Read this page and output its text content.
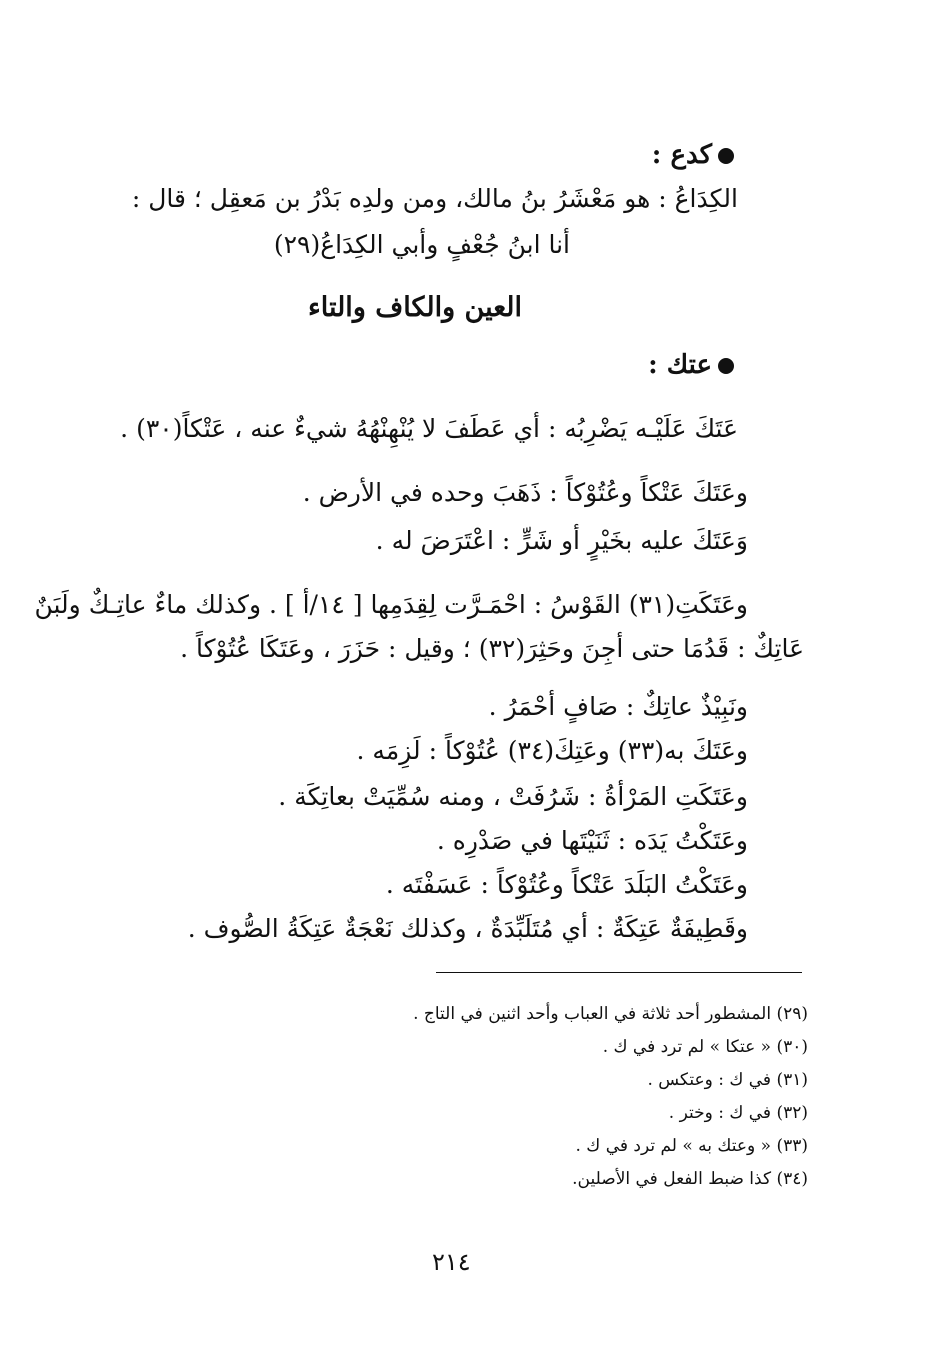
كدع :
الكِدَاعُ : هو مَعْشَرُ بنُ مالك، ومن ولدِه بَدْرُ بن مَعقِل ؛ قال :
أنا ابنُ جُعْفٍ وأبي الكِدَاعُ(٢٩)
العين والكاف والتاء
عتك :
عَتَكَ عَلَيْـه يَضْرِبُه : أي عَطَفَ لا يُنْهِنْهُهُ شيءٌ عنه ، عَتْكاً(٣٠) .
وعَتَكَ عَتْكاً وعُتُوْكاً : ذَهَبَ وحده في الأرض .
وَعَتَكَ عليه بخَيْرٍ أو شَرٍّ : اعْتَرَضَ له .
وعَتَكَتِ(٣١) القَوْسُ : احْمَـرَّت لِقِدَمِها [ ١٤/أ ] . وكذلك ماءٌ عاتِـكٌ ولَبَنٌ
عَاتِكٌ : قَدُمَا حتى أجِنَ وحَثِرَ(٣٢) ؛ وقيل : حَزَرَ ، وعَتَكَا عُتُوْكاً .
ونَبِيْذٌ عاتِكٌ : صَافٍ أحْمَرُ .
وعَتَكَ به(٣٣) وعَتِكَ(٣٤) عُتُوْكاً : لَزِمَه .
وعَتَكَتِ المَرْأةُ : شَرُفَتْ ، ومنه سُمِّيَتْ بعاتِكَة .
وعَتَكْتُ يَدَه : ثَنَيْتَها في صَدْرِه .
وعَتَكْتُ البَلَدَ عَتْكاً وعُتُوْكاً : عَسَفْتَه .
وقَطِيفَةٌ عَتِكَةٌ : أي مُتَلَبِّدَةٌ ، وكذلك نَعْجَةٌ عَتِكَةُ الصُّوف .
(٢٩) المشطور أحد ثلاثة في العباب وأحد اثنين في التاج .
(٣٠) « عتكا » لم ترد في ك .
(٣١) في ك : وعتكس .
(٣٢) في ك : وختر .
(٣٣) « وعتك به » لم ترد في ك .
(٣٤) كذا ضبط الفعل في الأصلين.
٢١٤
